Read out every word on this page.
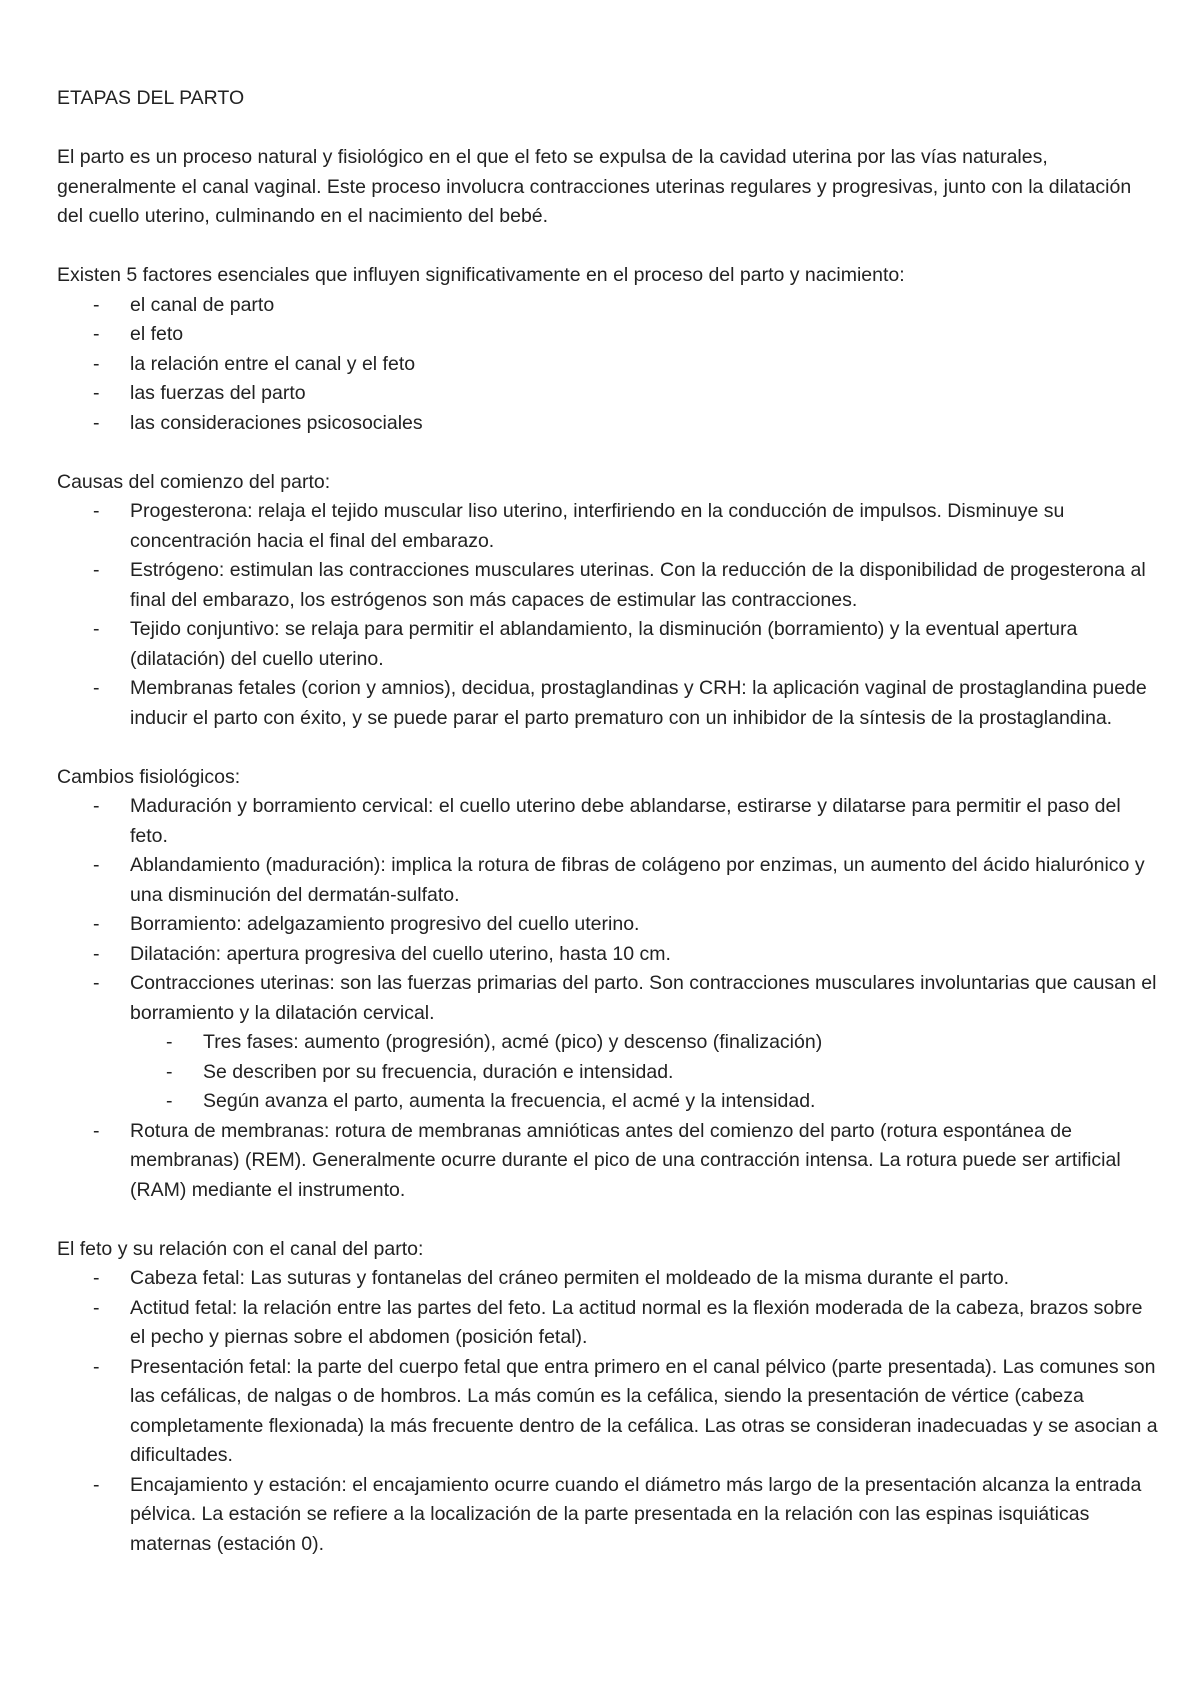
ETAPAS DEL PARTO

El parto es un proceso natural y fisiológico en el que el feto se expulsa de la cavidad uterina por las vías naturales, generalmente el canal vaginal. Este proceso involucra contracciones uterinas regulares y progresivas, junto con la dilatación del cuello uterino, culminando en el nacimiento del bebé.

Existen 5 factores esenciales que influyen significativamente en el proceso del parto y nacimiento:

-	el canal de parto
-	el feto
-	la relación entre el canal y el feto
-	las fuerzas del parto
-	las consideraciones psicosociales

Causas del comienzo del parto:

-	Progesterona: relaja el tejido muscular liso uterino, interfiriendo en la conducción de impulsos. Disminuye su concentración hacia el final del embarazo.
-	Estrógeno: estimulan las contracciones musculares uterinas. Con la reducción de la disponibilidad de progesterona al final del embarazo, los estrógenos son más capaces de estimular las contracciones.
-	Tejido conjuntivo: se relaja para permitir el ablandamiento, la disminución (borramiento) y la eventual apertura (dilatación) del cuello uterino.
-	Membranas fetales (corion y amnios), decidua, prostaglandinas y CRH: la aplicación vaginal de prostaglandina puede inducir el parto con éxito, y se puede parar el parto prematuro con un inhibidor de la síntesis de la prostaglandina.

Cambios fisiológicos:

-	Maduración y borramiento cervical: el cuello uterino debe ablandarse, estirarse y dilatarse para permitir el paso del feto.
-	Ablandamiento (maduración): implica la rotura de fibras de colágeno por enzimas, un aumento del ácido hialurónico y una disminución del dermatán-sulfato.
-	Borramiento: adelgazamiento progresivo del cuello uterino.
-	Dilatación: apertura progresiva del cuello uterino, hasta 10 cm.
-	Contracciones uterinas: son las fuerzas primarias del parto. Son contracciones musculares involuntarias que causan el borramiento y la dilatación cervical.
-	Tres fases: aumento (progresión), acmé (pico) y descenso (finalización)
-	Se describen por su frecuencia, duración e intensidad.
-	Según avanza el parto, aumenta la frecuencia, el acmé y la intensidad.
-	Rotura de membranas: rotura de membranas amnióticas antes del comienzo del parto (rotura espontánea de membranas) (REM). Generalmente ocurre durante el pico de una contracción intensa. La rotura puede ser artificial (RAM) mediante el instrumento.

El feto y su relación con el canal del parto:

-	Cabeza fetal: Las suturas y fontanelas del cráneo permiten el moldeado de la misma durante el parto.
-	Actitud fetal: la relación entre las partes del feto. La actitud normal es la flexión moderada de la cabeza, brazos sobre el pecho y piernas sobre el abdomen (posición fetal).
-	Presentación fetal: la parte del cuerpo fetal que entra primero en el canal pélvico (parte presentada). Las comunes son las cefálicas, de nalgas o de hombros. La más común es la cefálica, siendo la presentación de vértice (cabeza completamente flexionada) la más frecuente dentro de la cefálica. Las otras se consideran inadecuadas y se asocian a dificultades.
-	Encajamiento y estación: el encajamiento ocurre cuando el diámetro más largo de la presentación alcanza la entrada pélvica. La estación se refiere a la localización de la parte presentada en la relación con las espinas isquiáticas maternas (estación 0).
